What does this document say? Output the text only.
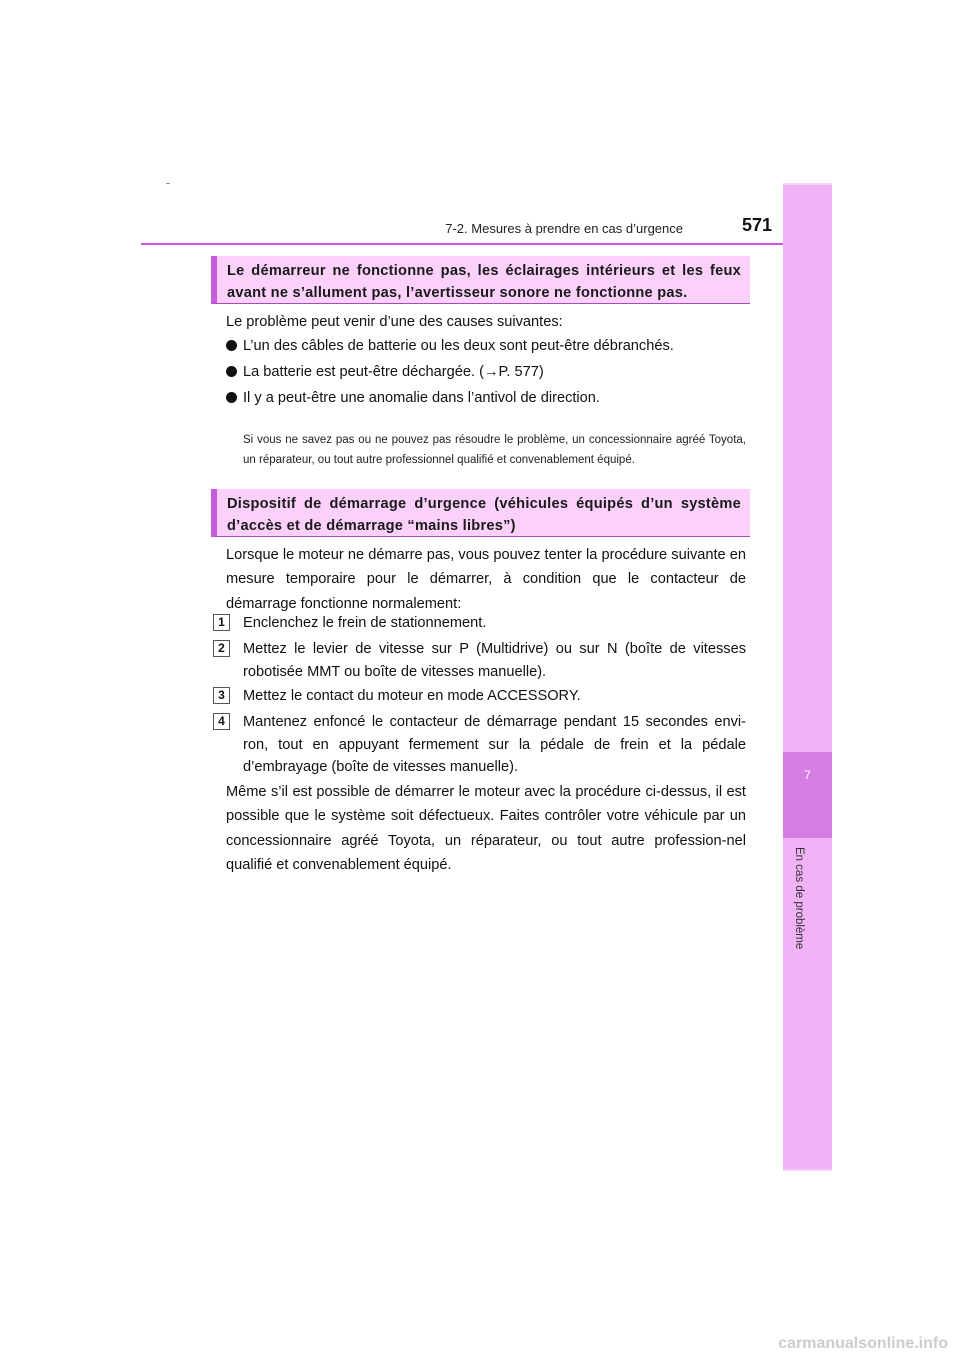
7-2. Mesures à prendre en cas d’urgence	571
7
En cas de problème
Le démarreur ne fonctionne pas, les éclairages intérieurs et les feux avant ne s’allument pas, l’avertisseur sonore ne fonctionne pas.
Le problème peut venir d’une des causes suivantes:
L’un des câbles de batterie ou les deux sont peut-être débranchés.
La batterie est peut-être déchargée. (→P. 577)
Il y a peut-être une anomalie dans l’antivol de direction.
Si vous ne savez pas ou ne pouvez pas résoudre le problème, un concessionnaire agréé Toyota, un réparateur, ou tout autre professionnel qualifié et convenablement équipé.
Dispositif de démarrage d’urgence (véhicules équipés d’un système d’accès et de démarrage “mains libres”)
Lorsque le moteur ne démarre pas, vous pouvez tenter la procédure suivante en mesure temporaire pour le démarrer, à condition que le contacteur de démarrage fonctionne normalement:
1	Enclenchez le frein de stationnement.
2	Mettez le levier de vitesse sur P (Multidrive) ou sur N (boîte de vitesses robotisée MMT ou boîte de vitesses manuelle).
3	Mettez le contact du moteur en mode ACCESSORY.
4	Mantenez enfoncé le contacteur de démarrage pendant 15 secondes envi-ron, tout en appuyant fermement sur la pédale de frein et la pédale d’embrayage (boîte de vitesses manuelle).
Même s’il est possible de démarrer le moteur avec la procédure ci-dessus, il est possible que le système soit défectueux. Faites contrôler votre véhicule par un concessionnaire agréé Toyota, un réparateur, ou tout autre profession-nel qualifié et convenablement équipé.
carmanualsonline.info
